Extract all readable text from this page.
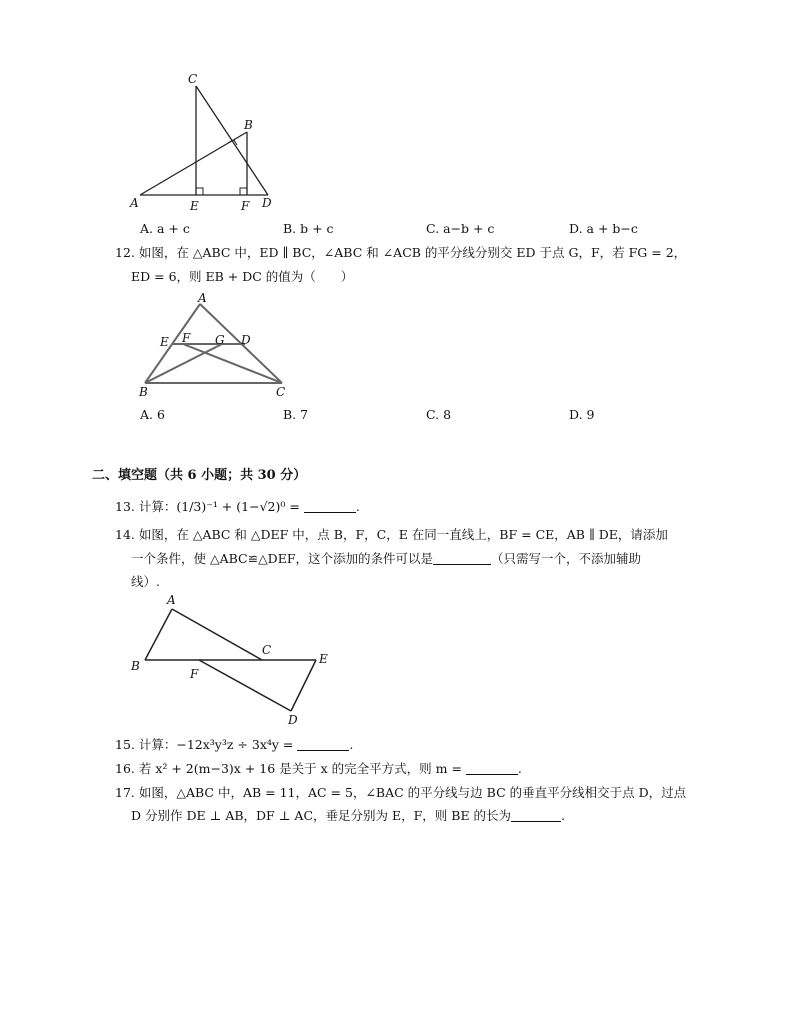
C
B
A	E	F D
A. a + c	B. b + c	C. a−b + c	D. a + b−c
12. 如图，在 △ABC 中，ED ∥ BC，∠ABC 和 ∠ACB 的平分线分别交 ED 于点 G，F，若 FG = 2，
ED = 6，则 EB + DC 的值为（　　）
A
E F G D
B	C
A. 6	B. 7	C. 8	D. 9
二、填空题（共 6 小题；共 30 分）
13. 计算：(1/3)⁻¹ + (1−√2)⁰ =	.
14. 如图，在 △ABC 和 △DEF 中，点 B，F，C，E 在同一直线上，BF = CE，AB ∥ DE，请添加
一个条件，使 △ABC≌△DEF，这个添加的条件可以是	（只需写一个，不添加辅助
线）.
A
C
E
B
F
D
15. 计算：−12x³y³z ÷ 3x⁴y =	.
16. 若 x² + 2(m−3)x + 16 是关于 x 的完全平方式，则 m =	.
17. 如图，△ABC 中，AB = 11，AC = 5，∠BAC 的平分线与边 BC 的垂直平分线相交于点 D，过点
D 分别作 DE ⊥ AB，DF ⊥ AC，垂足分别为 E，F，则 BE 的长为	.
